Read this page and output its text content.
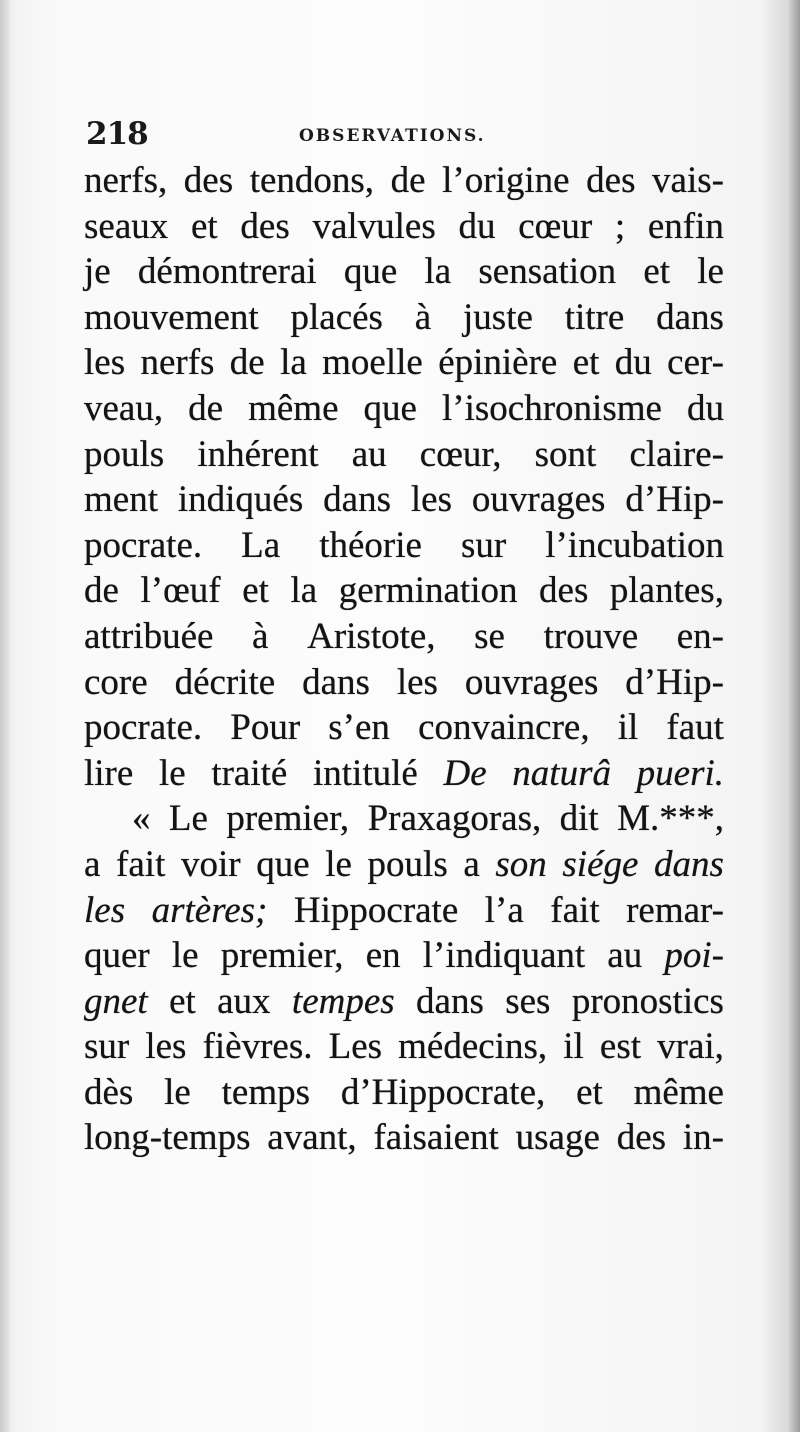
218	OBSERVATIONS.
nerfs, des tendons, de l’origine des vais-
seaux et des valvules du cœur ; enfin
je démontrerai que la sensation et le
mouvement placés à juste titre dans
les nerfs de la moelle épinière et du cer-
veau, de même que l’isochronisme du
pouls inhérent au cœur, sont claire-
ment indiqués dans les ouvrages d’Hip-
pocrate. La théorie sur l’incubation
de l’œuf et la germination des plantes,
attribuée à Aristote, se trouve en-
core décrite dans les ouvrages d’Hip-
pocrate. Pour s’en convaincre, il faut
lire le traité intitulé De naturâ pueri.
« Le premier, Praxagoras, dit M.***,
a fait voir que le pouls a son siége dans
les artères; Hippocrate l’a fait remar-
quer le premier, en l’indiquant au poi-
gnet et aux tempes dans ses pronostics
sur les fièvres. Les médecins, il est vrai,
dès le temps d’Hippocrate, et même
long-temps avant, faisaient usage des in-
